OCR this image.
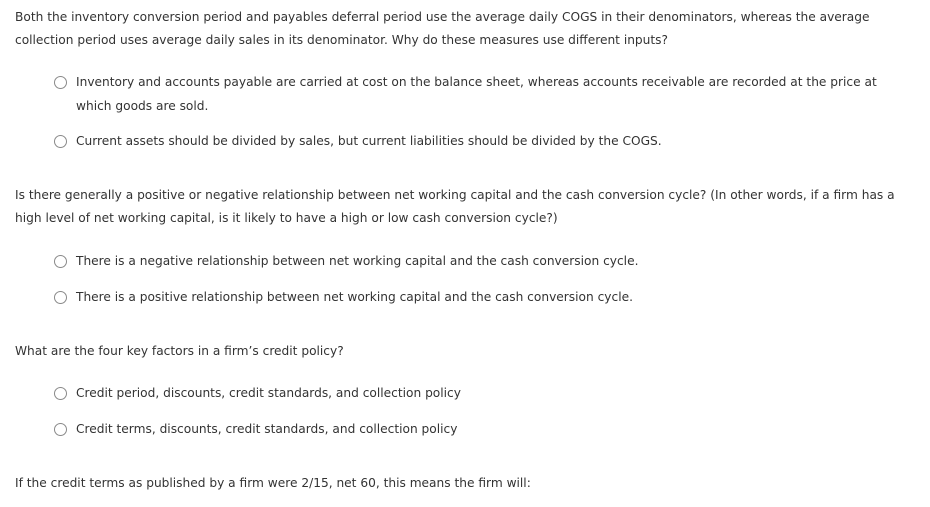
Both the inventory conversion period and payables deferral period use the average daily COGS in their denominators, whereas the average collection period uses average daily sales in its denominator. Why do these measures use different inputs?

Inventory and accounts payable are carried at cost on the balance sheet, whereas accounts receivable are recorded at the price at which goods are sold.
Current assets should be divided by sales, but current liabilities should be divided by the COGS.

Is there generally a positive or negative relationship between net working capital and the cash conversion cycle? (In other words, if a firm has a high level of net working capital, is it likely to have a high or low cash conversion cycle?)

There is a negative relationship between net working capital and the cash conversion cycle.
There is a positive relationship between net working capital and the cash conversion cycle.

What are the four key factors in a firm’s credit policy?

Credit period, discounts, credit standards, and collection policy
Credit terms, discounts, credit standards, and collection policy

If the credit terms as published by a firm were 2/15, net 60, this means the firm will:
